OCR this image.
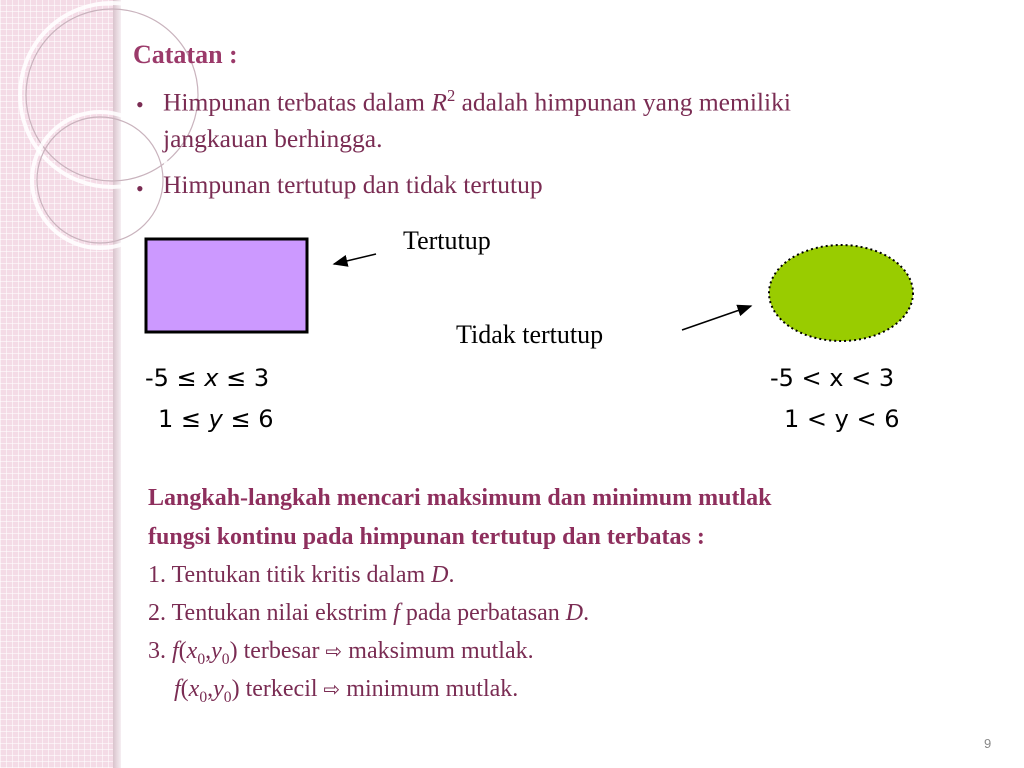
Catatan :
• Himpunan terbatas dalam $R^2$ adalah himpunan yang memiliki
jangkauan berhingga.
• Himpunan tertutup dan tidak tertutup
Tertutup
Tidak tertutup
-5 ≤ x ≤ 3
1 ≤ y ≤ 6
-5 < x < 3
1 < y < 6
Langkah-langkah mencari maksimum dan minimum mutlak
fungsi kontinu pada himpunan tertutup dan terbatas :
1. Tentukan titik kritis dalam D.
2. Tentukan nilai ekstrim f pada perbatasan D.
3. $f(x_0,y_0)$ terbesar ⇨ maksimum mutlak.
$f(x_0,y_0)$ terkecil ⇨ minimum mutlak.
9
